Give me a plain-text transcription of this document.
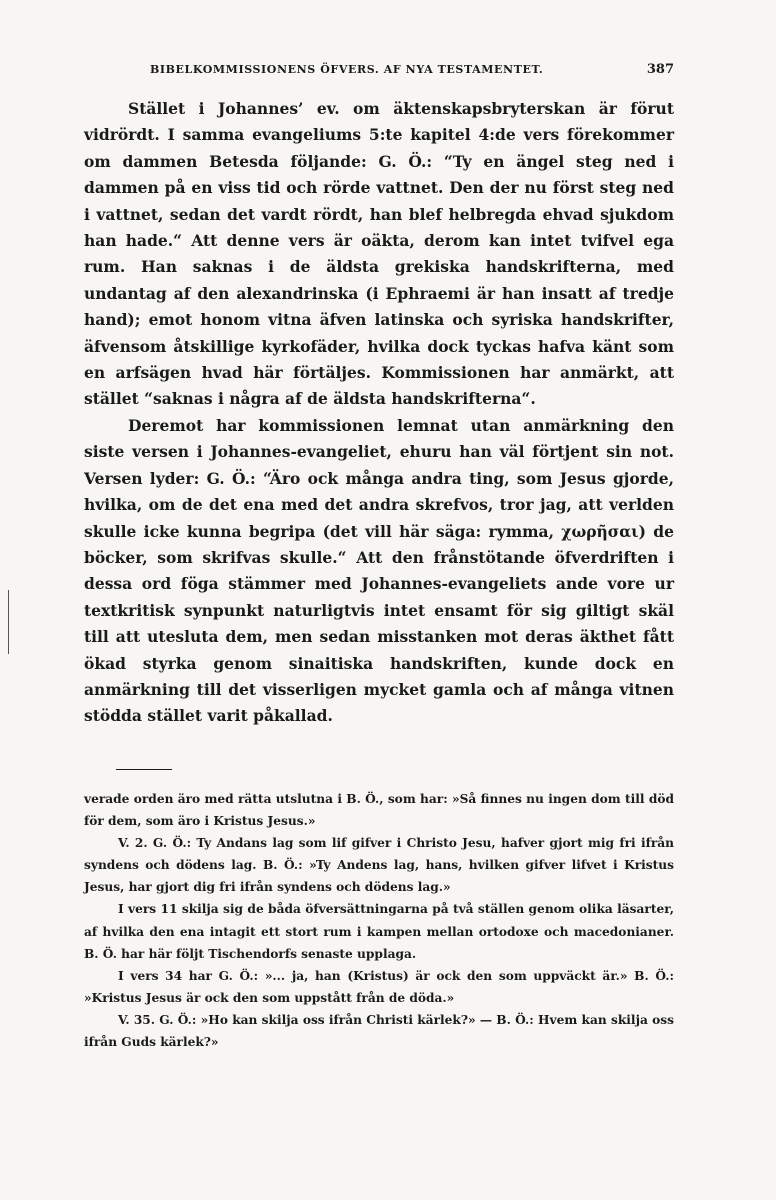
BIBELKOMMISSIONENS ÖFVERS. AF NYA TESTAMENTET.	387

Stället i Johannes’ ev. om äktenskapsbryterskan är förut vidrördt. I samma evangeliums 5:te kapitel 4:de vers förekommer om dammen Betesda följande: G. Ö.: “Ty en ängel steg ned i dammen på en viss tid och rörde vattnet. Den der nu först steg ned i vattnet, sedan det vardt rördt, han blef helbregda ehvad sjukdom han hade.“ Att denne vers är oäkta, derom kan intet tvifvel ega rum. Han saknas i de äldsta grekiska handskrifterna, med undantag af den alexandrinska (i Ephraemi är han insatt af tredje hand); emot honom vitna äfven latinska och syriska handskrifter, äfvensom åtskillige kyrkofäder, hvilka dock tyckas hafva känt som en arfsägen hvad här förtäljes. Kommissionen har anmärkt, att stället “saknas i några af de äldsta handskrifterna“.

Deremot har kommissionen lemnat utan anmärkning den siste versen i Johannes-evangeliet, ehuru han väl förtjent sin not. Versen lyder: G. Ö.: “Äro ock många andra ting, som Jesus gjorde, hvilka, om de det ena med det andra skrefvos, tror jag, att verlden skulle icke kunna begripa (det vill här säga: rymma, χωρῆσαι) de böcker, som skrifvas skulle.“ Att den frånstötande öfverdriften i dessa ord föga stämmer med Johannes-evangeliets ande vore ur textkritisk synpunkt naturligtvis intet ensamt för sig giltigt skäl till att utesluta dem, men sedan misstanken mot deras äkthet fått ökad styrka genom sinaitiska handskriften, kunde dock en anmärkning till det visserligen mycket gamla och af många vitnen stödda stället varit påkallad.

verade orden äro med rätta utslutna i B. Ö., som har: »Så finnes nu ingen dom till död för dem, som äro i Kristus Jesus.»

V. 2. G. Ö.: Ty Andans lag som lif gifver i Christo Jesu, hafver gjort mig fri ifrån syndens och dödens lag. B. Ö.: »Ty Andens lag, hans, hvilken gifver lifvet i Kristus Jesus, har gjort dig fri ifrån syndens och dödens lag.»

I vers 11 skilja sig de båda öfversättningarna på två ställen genom olika läsarter, af hvilka den ena intagit ett stort rum i kampen mellan ortodoxe och macedonianer. B. Ö. har här följt Tischendorfs senaste upplaga.

I vers 34 har G. Ö.: »... ja, han (Kristus) är ock den som uppväckt är.» B. Ö.: »Kristus Jesus är ock den som uppstått från de döda.»

V. 35. G. Ö.: »Ho kan skilja oss ifrån Christi kärlek?» — B. Ö.: Hvem kan skilja oss ifrån Guds kärlek?»
